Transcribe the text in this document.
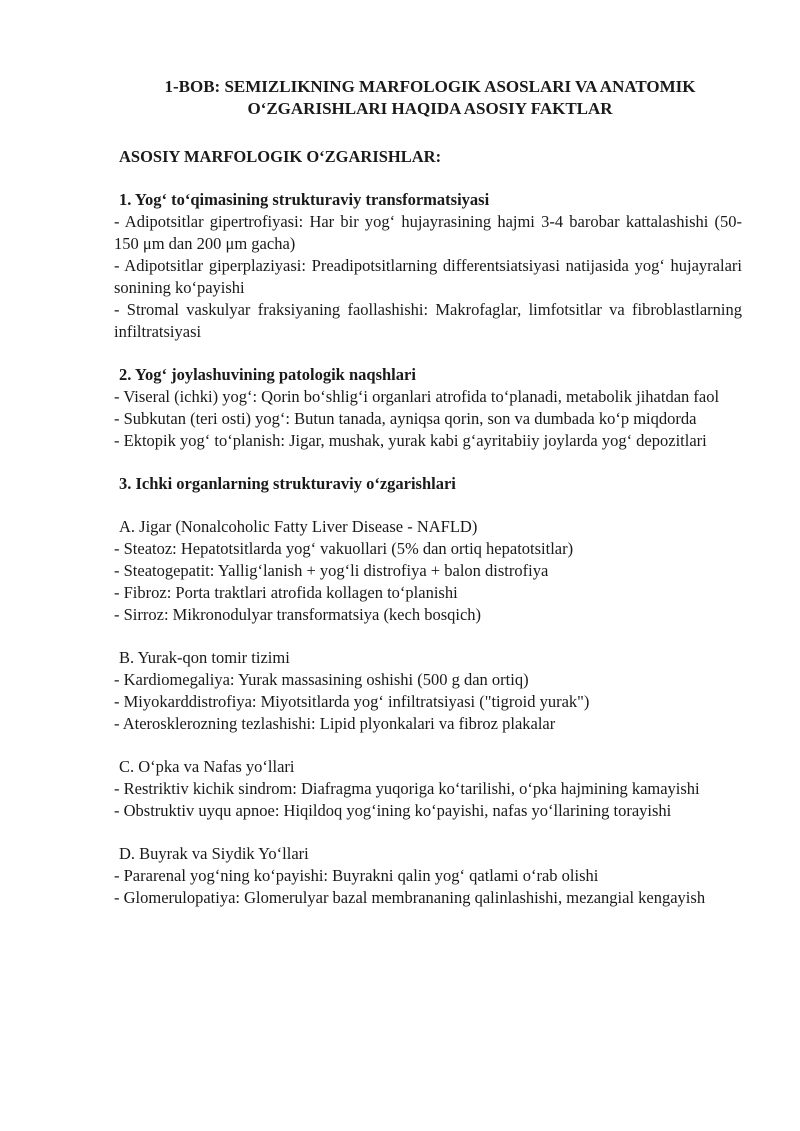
1-BOB: SEMIZLIKNING MARFOLOGIK ASOSLARI VA ANATOMIK
O‘ZGARISHLARI HAQIDA ASOSIY FAKTLAR
ASOSIY MARFOLOGIK O‘ZGARISHLAR:
1. Yog‘ to‘qimasining strukturaviy transformatsiyasi
- Adipotsitlar gipertrofiyasi: Har bir yog‘ hujayrasining hajmi 3-4 barobar kattalashishi (50-150 μm dan 200 μm gacha)
- Adipotsitlar giperplaziyasi: Preadipotsitlarning differentsiatsiyasi natijasida yog‘ hujayralari sonining ko‘payishi
- Stromal vaskulyar fraksiyaning faollashishi: Makrofaglar, limfotsitlar va fibroblastlarning infiltratsiyasi
2. Yog‘ joylashuvining patologik naqshlari
- Viseral (ichki) yog‘: Qorin bo‘shlig‘i organlari atrofida to‘planadi, metabolik jihatdan faol
- Subkutan (teri osti) yog‘: Butun tanada, ayniqsa qorin, son va dumbada ko‘p miqdorda
- Ektopik yog‘ to‘planish: Jigar, mushak, yurak kabi g‘ayritabiiy joylarda yog‘ depozitlari
3. Ichki organlarning strukturaviy o‘zgarishlari
A. Jigar (Nonalcoholic Fatty Liver Disease - NAFLD)
- Steatoz: Hepatotsitlarda yog‘ vakuollari (5% dan ortiq hepatotsitlar)
- Steatogepatit: Yallig‘lanish + yog‘li distrofiya + balon distrofiya
- Fibroz: Porta traktlari atrofida kollagen to‘planishi
- Sirroz: Mikronodulyar transformatsiya (kech bosqich)
B. Yurak-qon tomir tizimi
- Kardiomegaliya: Yurak massasining oshishi (500 g dan ortiq)
- Miyokarddistrofiya: Miyotsitlarda yog‘ infiltratsiyasi ("tigroid yurak")
- Aterosklerozning tezlashishi: Lipid plyonkalari va fibroz plakalar
C. O‘pka va Nafas yo‘llari
- Restriktiv kichik sindrom: Diafragma yuqoriga ko‘tarilishi, o‘pka hajmining kamayishi
- Obstruktiv uyqu apnoe: Hiqildoq yog‘ining ko‘payishi, nafas yo‘llarining torayishi
D. Buyrak va Siydik Yo‘llari
- Pararenal yog‘ning ko‘payishi: Buyrakni qalin yog‘ qatlami o‘rab olishi
- Glomerulopatiya: Glomerulyar bazal membrananing qalinlashishi, mezangial kengayish
